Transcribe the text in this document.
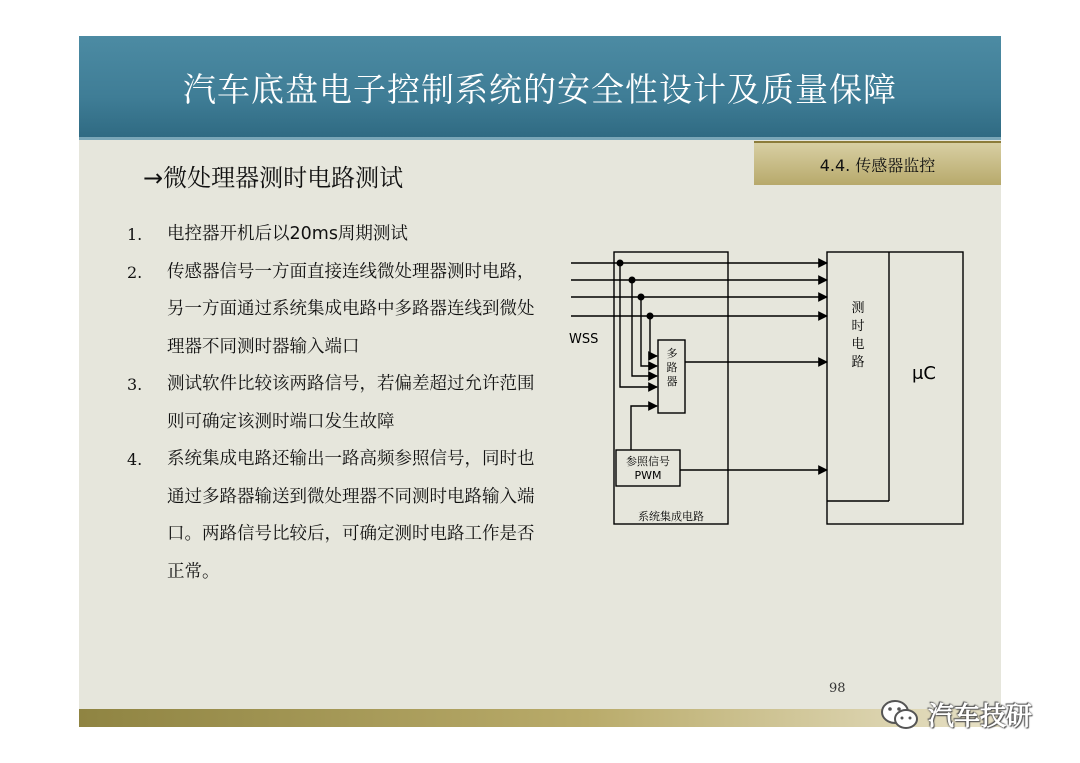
汽车底盘电子控制系统的安全性设计及质量保障
→微处理器测时电路测试	4.4. 传感器监控
1. 电控器开机后以20ms周期测试
2. 传感器信号一方面直接连线微处理器测时电路，另一方面通过系统集成电路中多路器连线到微处理器不同测时器输入端口
3. 测试软件比较该两路信号，若偏差超过允许范围则可确定该测时端口发生故障
4. 系统集成电路还输出一路高频参照信号，同时也通过多路器输送到微处理器不同测时电路输入端口。两路信号比较后，可确定测时电路工作是否正常。
WSS
多路器
参照信号
PWM
系统集成电路
测时电路
μC
98
汽车技研
